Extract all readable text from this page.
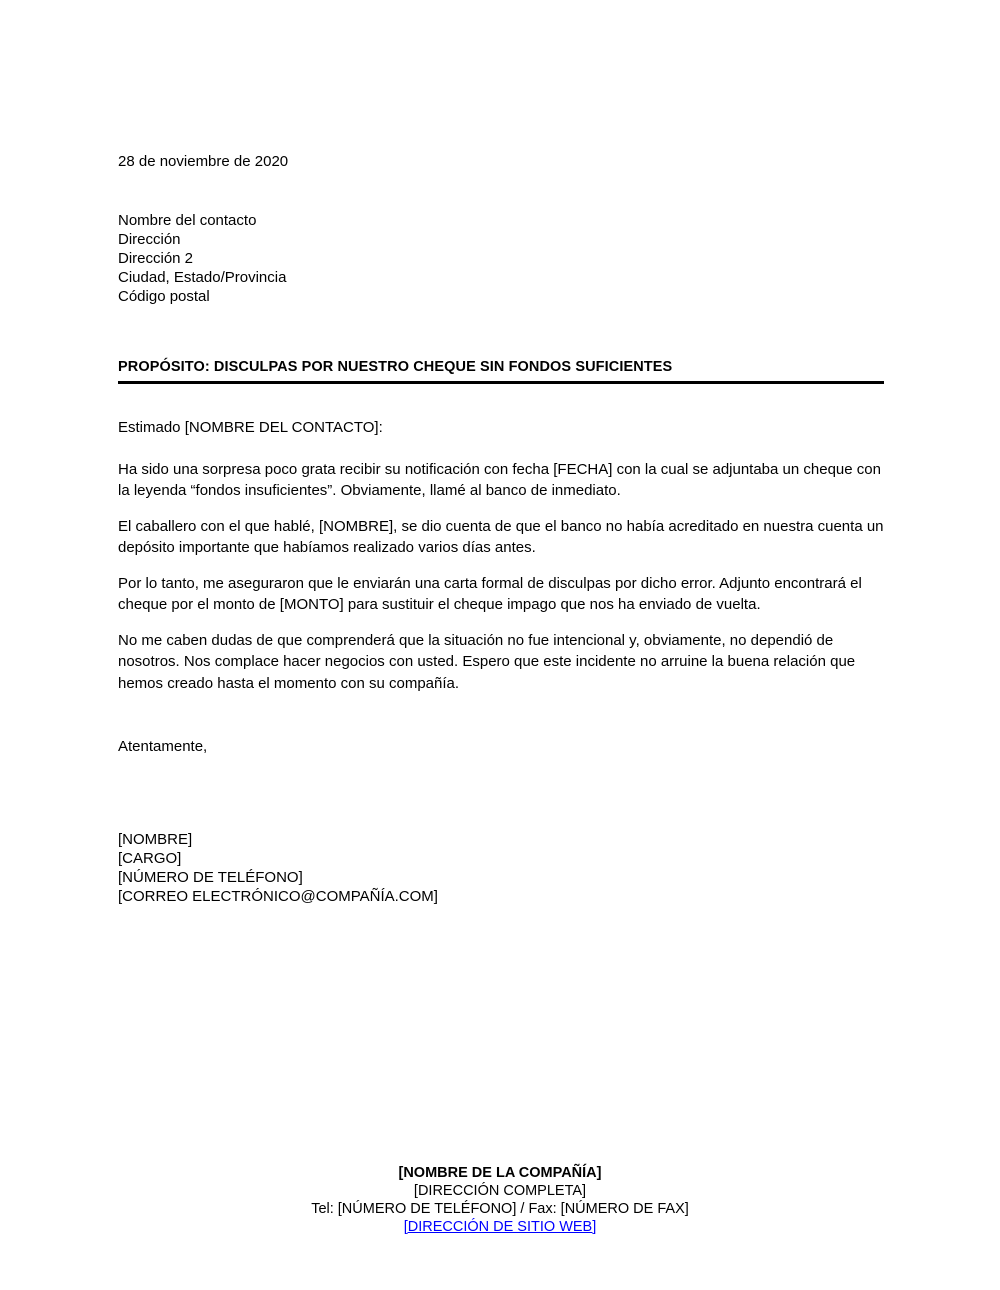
28 de noviembre de 2020
Nombre del contacto
Dirección
Dirección 2
Ciudad, Estado/Provincia
Código postal
PROPÓSITO: DISCULPAS POR NUESTRO CHEQUE SIN FONDOS SUFICIENTES

Estimado [NOMBRE DEL CONTACTO]:

Ha sido una sorpresa poco grata recibir su notificación con fecha [FECHA] con la cual se adjuntaba un cheque con la leyenda “fondos insuficientes”. Obviamente, llamé al banco de inmediato.

El caballero con el que hablé, [NOMBRE], se dio cuenta de que el banco no había acreditado en nuestra cuenta un depósito importante que habíamos realizado varios días antes.

Por lo tanto, me aseguraron que le enviarán una carta formal de disculpas por dicho error. Adjunto encontrará el cheque por el monto de [MONTO] para sustituir el cheque impago que nos ha enviado de vuelta.

No me caben dudas de que comprenderá que la situación no fue intencional y, obviamente, no dependió de nosotros. Nos complace hacer negocios con usted. Espero que este incidente no arruine la buena relación que hemos creado hasta el momento con su compañía.

Atentamente,
[NOMBRE]
[CARGO]
[NÚMERO DE TELÉFONO]
[CORREO ELECTRÓNICO@COMPAÑÍA.COM]
[NOMBRE DE LA COMPAÑÍA]
[DIRECCIÓN COMPLETA]
Tel: [NÚMERO DE TELÉFONO] / Fax: [NÚMERO DE FAX]
[DIRECCIÓN DE SITIO WEB]
